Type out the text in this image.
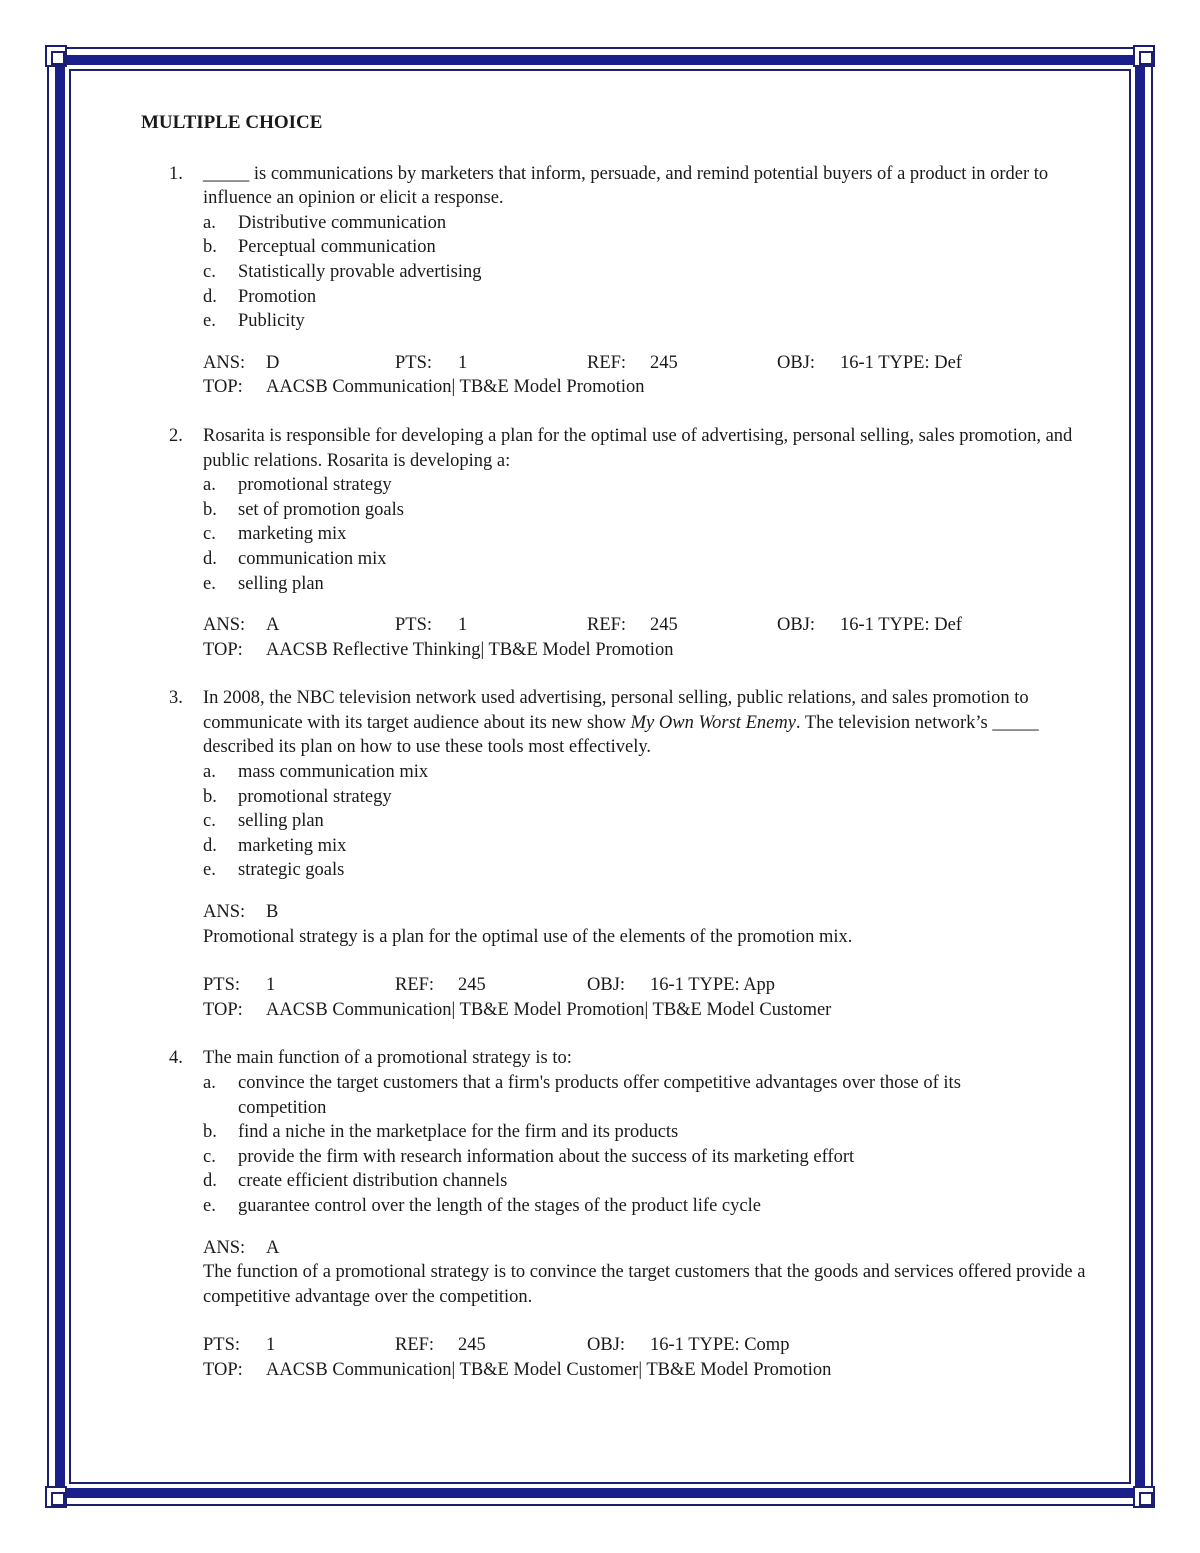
MULTIPLE CHOICE
1. _____ is communications by marketers that inform, persuade, and remind potential buyers of a product in order to influence an opinion or elicit a response.

a. Distributive communication
b. Perceptual communication
c. Statistically provable advertising
d. Promotion
e. Publicity
ANS: D	PTS: 1	REF: 245	OBJ: 16-1 TYPE: Def
TOP:	AACSB Communication| TB&E Model Promotion
2. Rosarita is responsible for developing a plan for the optimal use of advertising, personal selling, sales promotion, and public relations. Rosarita is developing a:

a. promotional strategy
b. set of promotion goals
c. marketing mix
d. communication mix
e. selling plan
ANS: A	PTS: 1	REF: 245	OBJ: 16-1 TYPE: Def
TOP:	AACSB Reflective Thinking| TB&E Model Promotion
3. In 2008, the NBC television network used advertising, personal selling, public relations, and sales promotion to communicate with its target audience about its new show My Own Worst Enemy. The television network’s _____ described its plan on how to use these tools most effectively.

a. mass communication mix
b. promotional strategy
c. selling plan
d. marketing mix
e. strategic goals
ANS:	B
Promotional strategy is a plan for the optimal use of the elements of the promotion mix.
PTS: 1	REF: 245	OBJ: 16-1 TYPE: App
TOP:	AACSB Communication| TB&E Model Promotion| TB&E Model Customer
4. The main function of a promotional strategy is to:

a. convince the target customers that a firm's products offer competitive advantages over those of its competition
b. find a niche in the marketplace for the firm and its products
c. provide the firm with research information about the success of its marketing effort
d. create efficient distribution channels
e. guarantee control over the length of the stages of the product life cycle
ANS:	A
The function of a promotional strategy is to convince the target customers that the goods and services offered provide a competitive advantage over the competition.
PTS: 1	REF: 245	OBJ: 16-1 TYPE: Comp
TOP:	AACSB Communication| TB&E Model Customer| TB&E Model Promotion
